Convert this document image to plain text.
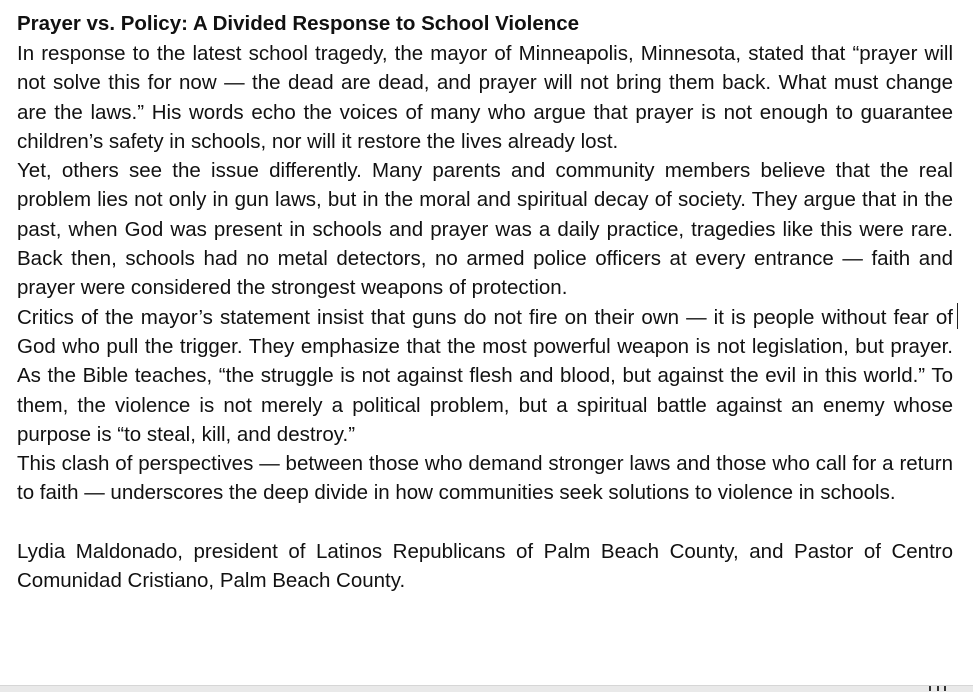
Prayer vs. Policy: A Divided Response to School Violence

In response to the latest school tragedy, the mayor of Minneapolis, Minnesota, stated that “prayer will not solve this for now — the dead are dead, and prayer will not bring them back. What must change are the laws.” His words echo the voices of many who argue that prayer is not enough to guarantee children’s safety in schools, nor will it restore the lives already lost.

Yet, others see the issue differently. Many parents and community members believe that the real problem lies not only in gun laws, but in the moral and spiritual decay of society. They argue that in the past, when God was present in schools and prayer was a daily practice, tragedies like this were rare. Back then, schools had no metal detectors, no armed police officers at every entrance — faith and prayer were considered the strongest weapons of protection.

Critics of the mayor’s statement insist that guns do not fire on their own — it is people without fear of God who pull the trigger. They emphasize that the most powerful weapon is not legislation, but prayer. As the Bible teaches, “the struggle is not against flesh and blood, but against the evil in this world.” To them, the violence is not merely a political problem, but a spiritual battle against an enemy whose purpose is “to steal, kill, and destroy.”

This clash of perspectives — between those who demand stronger laws and those who call for a return to faith — underscores the deep divide in how communities seek solutions to violence in schools.

Lydia Maldonado, president of Latinos Republicans of Palm Beach County, and Pastor of Centro Comunidad Cristiano, Palm Beach County.
